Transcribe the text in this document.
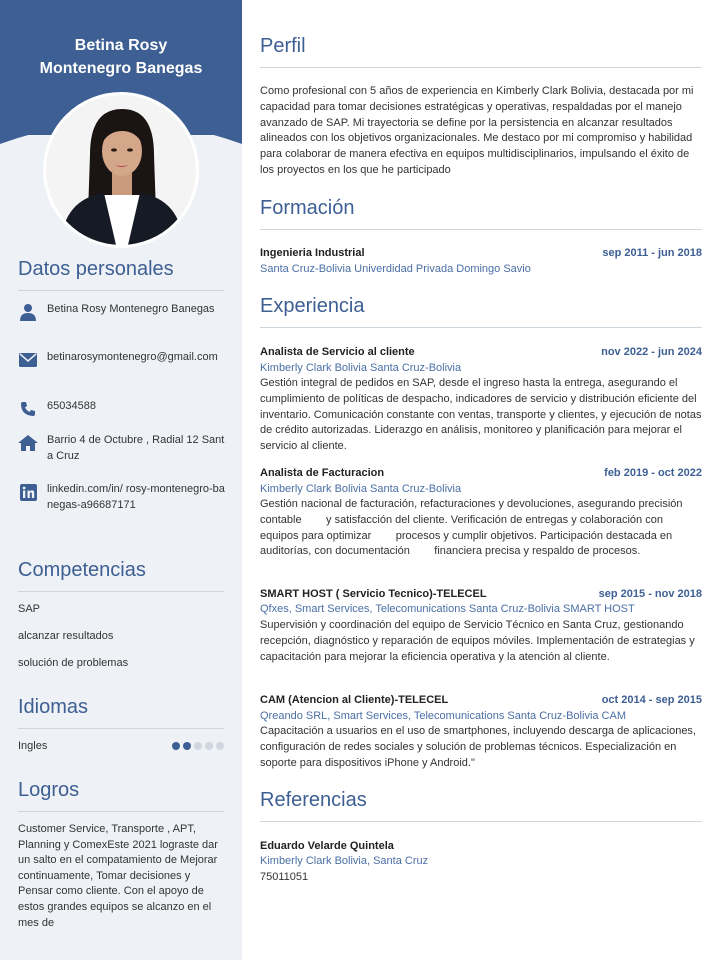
Betina Rosy
Montenegro Banegas
Datos personales
Betina Rosy Montenegro Banegas
betinarosymontenegro@gmail.com
65034588
Barrio 4 de Octubre , Radial 12 Santa Cruz
linkedin.com/in/ rosy-montenegro-banegas-a96687171
Competencias
SAP
alcanzar resultados
solución de problemas
Idiomas
Ingles
Logros
Customer Service, Transporte , APT, Planning y ComexEste 2021 lograste dar un salto en el compatamiento de Mejorar continuamente, Tomar decisiones y Pensar como cliente. Con el apoyo de estos grandes equipos se alcanzo en el mes de
Perfil
Como profesional con 5 años de experiencia en Kimberly Clark Bolivia, destacada por mi capacidad para tomar decisiones estratégicas y operativas, respaldadas por el manejo avanzado de SAP. Mi trayectoria se define por la persistencia en alcanzar resultados alineados con los objetivos organizacionales. Me destaco por mi compromiso y habilidad para colaborar de manera efectiva en equipos multidisciplinarios, impulsando el éxito de los proyectos en los que he participado
Formación
Ingenieria Industrial	sep 2011 - jun 2018
Santa Cruz-Bolivia Univerdidad Privada Domingo Savio
Experiencia
Analista de Servicio al cliente	nov 2022 - jun 2024
Kimberly Clark Bolivia Santa Cruz-Bolivia
Gestión integral de pedidos en SAP, desde el ingreso hasta la entrega, asegurando el cumplimiento de políticas de despacho, indicadores de servicio y distribución eficiente del inventario. Comunicación constante con ventas, transporte y clientes, y ejecución de notas de crédito autorizadas. Liderazgo en análisis, monitoreo y planificación para mejorar el servicio al cliente.
Analista de Facturacion	feb 2019 - oct 2022
Kimberly Clark Bolivia Santa Cruz-Bolivia
Gestión nacional de facturación, refacturaciones y devoluciones, asegurando precisión contable        y satisfacción del cliente. Verificación de entregas y colaboración con equipos para optimizar        procesos y cumplir objetivos. Participación destacada en auditorías, con documentación        financiera precisa y respaldo de procesos.
SMART HOST ( Servicio Tecnico)-TELECEL	sep 2015 - nov 2018
Qfxes, Smart Services, Telecomunications Santa Cruz-Bolivia SMART HOST
Supervisión y coordinación del equipo de Servicio Técnico en Santa Cruz, gestionando recepción, diagnóstico y reparación de equipos móviles. Implementación de estrategias y capacitación para mejorar la eficiencia operativa y la atención al cliente.
CAM (Atencion al Cliente)-TELECEL	oct 2014 - sep 2015
Qreando SRL, Smart Services, Telecomunications Santa Cruz-Bolivia CAM
Capacitación a usuarios en el uso de smartphones, incluyendo descarga de aplicaciones, configuración de redes sociales y solución de problemas técnicos. Especialización en soporte para dispositivos iPhone y Android."
Referencias
Eduardo Velarde Quintela
Kimberly Clark Bolivia, Santa Cruz
75011051
